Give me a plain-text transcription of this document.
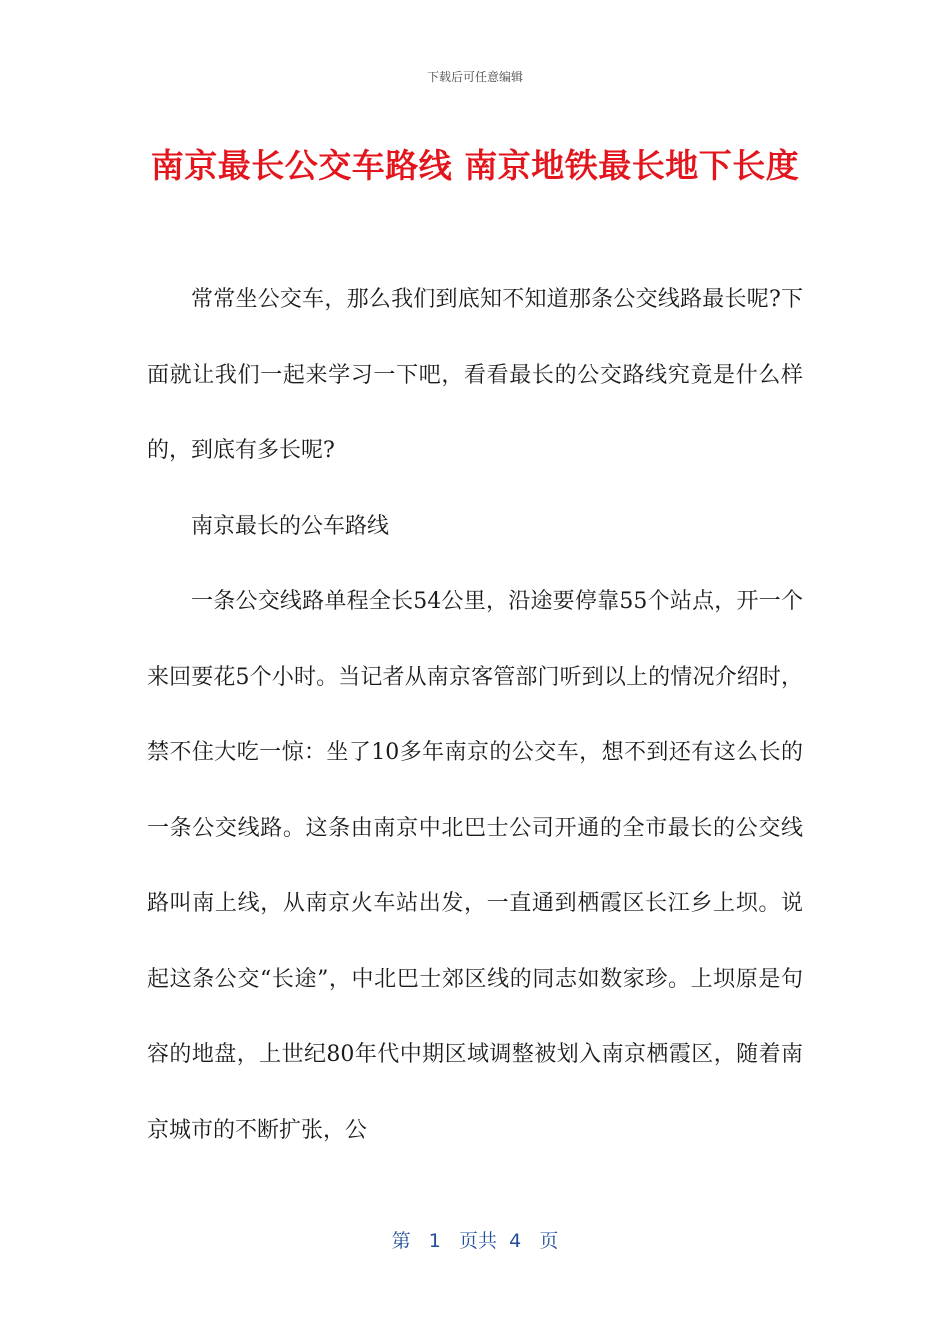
下载后可任意编辑
南京最长公交车路线 南京地铁最长地下长度

常常坐公交车，那么我们到底知不知道那条公交线路最长呢?下面就让我们一起来学习一下吧，看看最长的公交路线究竟是什么样的，到底有多长呢?

南京最长的公车路线

一条公交线路单程全长54公里，沿途要停靠55个站点，开一个来回要花5个小时。当记者从南京客管部门听到以上的情况介绍时，禁不住大吃一惊：坐了10多年南京的公交车，想不到还有这么长的一条公交线路。这条由南京中北巴士公司开通的全市最长的公交线路叫南上线，从南京火车站出发，一直通到栖霞区长江乡上坝。说起这条公交“长途”，中北巴士郊区线的同志如数家珍。上坝原是句容的地盘，上世纪80年代中期区域调整被划入南京栖霞区，随着南京城市的不断扩张，公

第 1 页共 4 页
